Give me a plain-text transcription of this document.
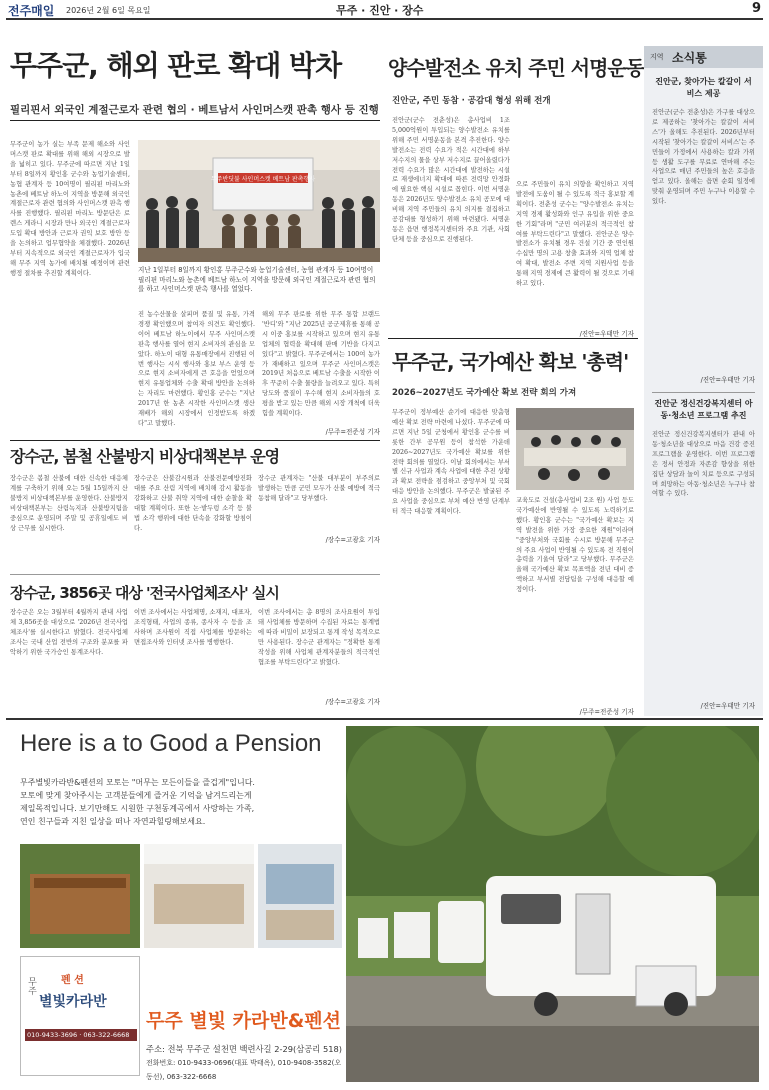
전주매일 2026년 2월 6일 목요일	무주 · 진안 · 장수	9
무주군, 해외 판로 확대 박차
필리핀서 외국인 계절근로자 관련 협의 · 베트남서 사인머스캣 판촉 행사 등 진행
무주군이 농가 실는 부족 문제 해소와 사인머스캣 판로 확대를 위해 해외 시장으로 발을 넓히고 있다. 무주군에 따르면 지난 1일부터 8일까지 황인홍 군수와 농업기술센터, 농협 관계자 등 10여명이 필리핀 마리노와 농촌에 베트남 하노이 지역을 방문해 외국인 계절근로자 관련 협의와 사인머스캣 판촉 행사를 진행했다. 필리핀 마리노 방문단은 로렌스 게라니 시장과 만나 외국인 계절근로자 도입 확대 방안과 근로자 권익 보호 방안 등을 논의하고 업무협약을 체결했다. 2026년부터 지속적으로 외국인 계절근로자가 입국해 무주 지역 농가에 배치될 예정이며 관련 행정 절차를 추진할 계획이다.
무주반딧불 사인머스캣 베트남 판촉행사
지난 1일부터 8일까지 황인홍 무주군수와 농업기술센터, 농협 관계자 등 10여명이 필리핀 마리노와 농촌에 베트남 하노이 지역을 방문해 외국인 계절근로자 관련 협의를 하고 사인머스캣 판촉 행사를 열었다.
진 농수산물을 살피며 품질 및 유통, 가격 경쟁 확인했으며 참여자 의견도 확인했다. 이어 베트남 하노이에서 무주 사인머스캣 판촉 행사를 열어 현지 소비자의 관심을 모았다. 하노이 대형 유통매장에서 진행된 이번 행사는 시식 행사와 홍보 부스 운영 등으로 현지 소비자에게 큰 호응을 얻었으며 현지 유통업체와 수출 확대 방안을 논의하는 자리도 마련했다. 황인홍 군수는 "지난 2017년 한 농촌 시작한 사인머스캣 생산 재배가 해외 시장에서 인정받도록 하겠다"고 말했다.
해외 무주 판로를 위한 무주 통합 브랜드 '반디'와 "지난 2025년 공군제휴를 통해 공시 이중 홍보를 시작하고 있으며 현지 유통업체의 협력을 확대해 판매 기반을 다지고 있다"고 밝혔다. 무주군에서는 100여 농가가 재배하고 있으며 무주군 사인머스캣은 2019년 처음으로 베트남 수출을 시작한 이후 꾸준히 수출 물량을 늘려오고 있다. 특히 당도와 품질이 우수해 현지 소비자들의 호평을 받고 있는 만큼 해외 시장 개척에 더욱 힘쓸 계획이다.
/무주=전준성 기자
양수발전소 유치 주민 서명운동
진안군, 주민 동참 · 공감대 형성 위해 전개
진안군(군수 전춘성)은 총사업비 1조5,000억원이 투입되는 양수발전소 유치를 위해 주민 서명운동을 본격 추진한다. 양수발전소는 전력 수요가 적은 시간대에 하부 저수지의 물을 상부 저수지로 끌어올렸다가 전력 수요가 많은 시간대에 발전하는 시설로 재생에너지 확대에 따른 전력망 안정화에 필요한 핵심 시설로 꼽힌다. 이번 서명운동은 2026년도 양수발전소 유치 공모에 대비해 지역 주민들의 유치 의지를 결집하고 공감대를 형성하기 위해 마련됐다. 서명운동은 읍면 행정복지센터와 주요 기관, 사회단체 등을 중심으로 진행된다.
으로 주민들이 유치 의향을 확인하고 지역 발전에 도움이 될 수 있도록 적극 홍보할 계획이다. 전춘성 군수는 "양수발전소 유치는 지역 경제 활성화와 인구 유입을 위한 중요한 기회"라며 "군민 여러분의 적극적인 참여를 부탁드린다"고 말했다. 진안군은 양수발전소가 유치될 경우 건설 기간 중 연인원 수십만 명의 고용 창출 효과와 지역 업체 참여 확대, 발전소 주변 지역 지원사업 등을 통해 지역 경제에 큰 활력이 될 것으로 기대하고 있다.
/진안=우태만 기자
무주군, 국가예산 확보 '총력'
2026~2027년도 국가예산 확보 전략 회의 가져
무주군이 정부예산 순기에 대응한 맞춤형 예산 확보 전략 마련에 나섰다. 무주군에 따르면 지난 5일 군청에서 황인홍 군수를 비롯한 간부 공무원 등이 참석한 가운데 2026~2027년도 국가예산 확보를 위한 전략 회의를 열었다. 이날 회의에서는 부서별 신규 사업과 계속 사업에 대한 추진 상황과 확보 전략을 점검하고 중앙부처 및 국회 대응 방안을 논의했다. 무주군은 발굴된 주요 사업을 중심으로 부처 예산 반영 단계부터 적극 대응할 계획이다.
교육도로 건설(총사업비 2조 원) 사업 등도 국가예산에 반영될 수 있도록 노력하기로 했다. 황인홍 군수는 "국가예산 확보는 지역 발전을 위한 가장 중요한 재원"이라며 "중앙부처와 국회를 수시로 방문해 무주군의 주요 사업이 반영될 수 있도록 전 직원이 총력을 기울여 달라"고 당부했다. 무주군은 올해 국가예산 확보 목표액을 전년 대비 증액하고 부서별 전담팀을 구성해 대응할 예정이다.
/무주=전준성 기자
장수군, 봄철 산불방지 비상대책본부 운영
장수군은 봄철 산불에 대한 신속한 대응체계를 구축하기 위해 오는 5월 15일까지 산불방지 비상대책본부를 운영한다. 산불방지 비상대책본부는 산림녹지과 산불방지팀을 중심으로 운영되며 주말 및 공휴일에도 비상 근무를 실시한다.
장수군은 산불감시원과 산불전문예방진화대를 주요 산림 지역에 배치해 감시 활동을 강화하고 산불 취약 지역에 대한 순찰을 확대할 계획이다. 또한 논·밭두렁 소각 등 불법 소각 행위에 대한 단속을 강화할 방침이다.
장수군 관계자는 "산불 대부분이 부주의로 발생하는 만큼 군민 모두가 산불 예방에 적극 동참해 달라"고 당부했다.
/장수=고광호 기자
장수군, 3856곳 대상 '전국사업체조사' 실시
장수군은 오는 3월부터 4월까지 관내 사업체 3,856곳을 대상으로 '2026년 전국사업체조사'를 실시한다고 밝혔다. 전국사업체조사는 국내 산업 전반의 구조와 분포를 파악하기 위한 국가승인 통계조사다.
이번 조사에서는 사업체명, 소재지, 대표자, 조직형태, 사업의 종류, 종사자 수 등을 조사하며 조사원이 직접 사업체를 방문하는 면접조사와 인터넷 조사를 병행한다.
이번 조사에서는 총 8명의 조사요원이 투입돼 사업체를 방문하며 수집된 자료는 통계법에 따라 비밀이 보장되고 통계 작성 목적으로만 사용된다. 장수군 관계자는 "정확한 통계 작성을 위해 사업체 관계자분들의 적극적인 협조를 부탁드린다"고 밝혔다.
/장수=고광호 기자
지역 소식통
진안군, 찾아가는 칼갈이 서비스 제공
진안군(군수 전춘성)은 가구를 대상으로 제공하는 '찾아가는 칼갈이 서비스'가 올해도 추진된다. 2026년부터 시작된 '찾아가는 칼갈이 서비스'는 주민들이 가정에서 사용하는 칼과 가위 등 생활 도구를 무료로 연마해 주는 사업으로 매년 주민들의 높은 호응을 얻고 있다. 올해는 읍면 순회 일정에 맞춰 운영되며 주민 누구나 이용할 수 있다.
/진안=우태만 기자
진안군 정신건강복지센터 아동·청소년 프로그램 추진
진안군 정신건강복지센터가 관내 아동·청소년을 대상으로 마음 건강 증진 프로그램을 운영한다. 이번 프로그램은 정서 안정과 자존감 향상을 위한 집단 상담과 놀이 치료 등으로 구성되며 희망하는 아동·청소년은 누구나 참여할 수 있다.
/진안=우태만 기자
Here is a to Good a Pension
무주별빛카라반&펜션의 모토는 "머무는 모든이들을 즐겁게"입니다.
모토에 맞게 찾아주시는 고객분들에게 즐거운 기억을 남겨드리는게
제일목적입니다. 보기만해도 시원한 구천동계곡에서 사랑하는 가족,
연인 친구들과 지친 일상을 떠나 자연과힐링해보세요.
무주
별빛카라반
펜 션
010-9433-3696 · 063-322-6668
무주 별빛 카라반&펜션
주소: 전북 무주군 설천면 백련사길 2-29(삼공리 518)
전화번호: 010-9433-0696(대표 박태옥), 010-9408-3582(오동선), 063-322-6668
